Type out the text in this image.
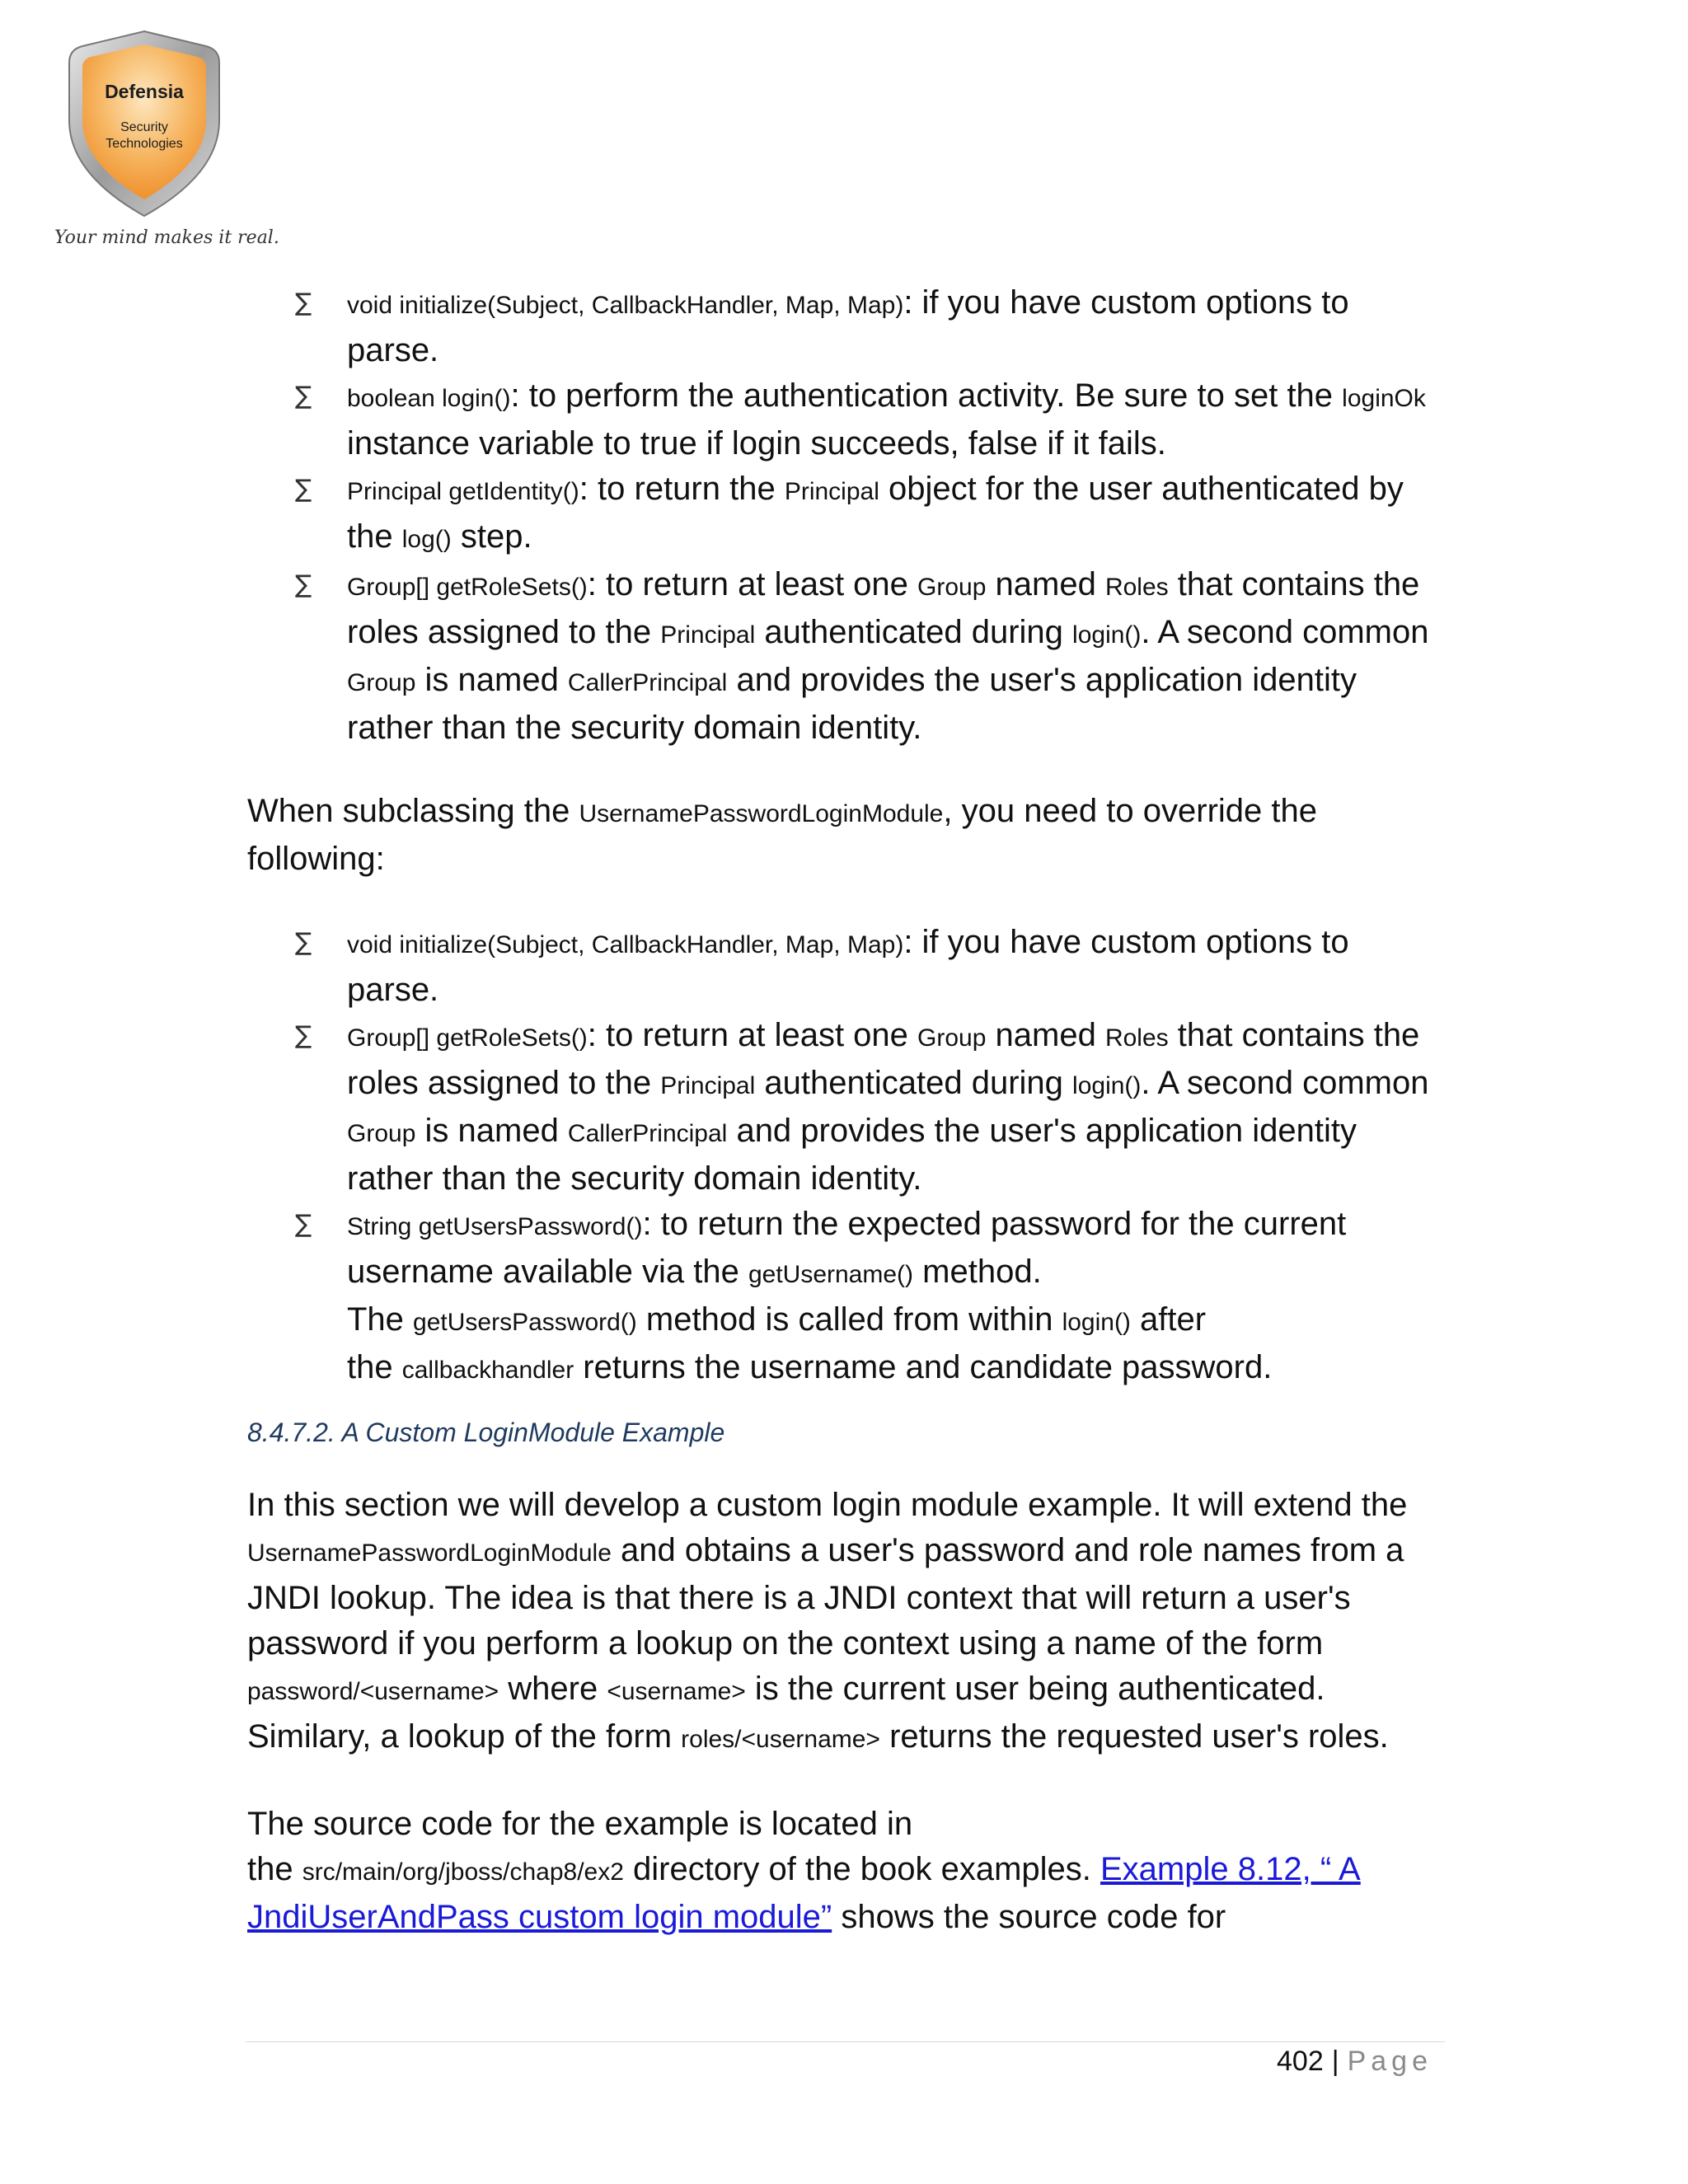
Defensia
Security
Technologies
Your mind makes it real.
∑ void initialize(Subject, CallbackHandler, Map, Map): if you have custom options to parse.
∑ boolean login(): to perform the authentication activity. Be sure to set the loginOk instance variable to true if login succeeds, false if it fails.
∑ Principal getIdentity(): to return the Principal object for the user authenticated by the log() step.
∑ Group[] getRoleSets(): to return at least one Group named Roles that contains the roles assigned to the Principal authenticated during login(). A second common Group is named CallerPrincipal and provides the user's application identity rather than the security domain identity.

When subclassing the UsernamePasswordLoginModule, you need to override the following:

∑ void initialize(Subject, CallbackHandler, Map, Map): if you have custom options to parse.
∑ Group[] getRoleSets(): to return at least one Group named Roles that contains the roles assigned to the Principal authenticated during login(). A second common Group is named CallerPrincipal and provides the user's application identity rather than the security domain identity.
∑ String getUsersPassword(): to return the expected password for the current username available via the getUsername() method.
The getUsersPassword() method is called from within login() after
the callbackhandler returns the username and candidate password.

8.4.7.2. A Custom LoginModule Example

In this section we will develop a custom login module example. It will extend the UsernamePasswordLoginModule and obtains a user's password and role names from a JNDI lookup. The idea is that there is a JNDI context that will return a user's password if you perform a lookup on the context using a name of the form password/<username> where <username> is the current user being authenticated. Similary, a lookup of the form roles/<username> returns the requested user's roles.

The source code for the example is located in
the src/main/org/jboss/chap8/ex2 directory of the book examples. Example 8.12, “ A JndiUserAndPass custom login module” shows the source code for

402 | Page
